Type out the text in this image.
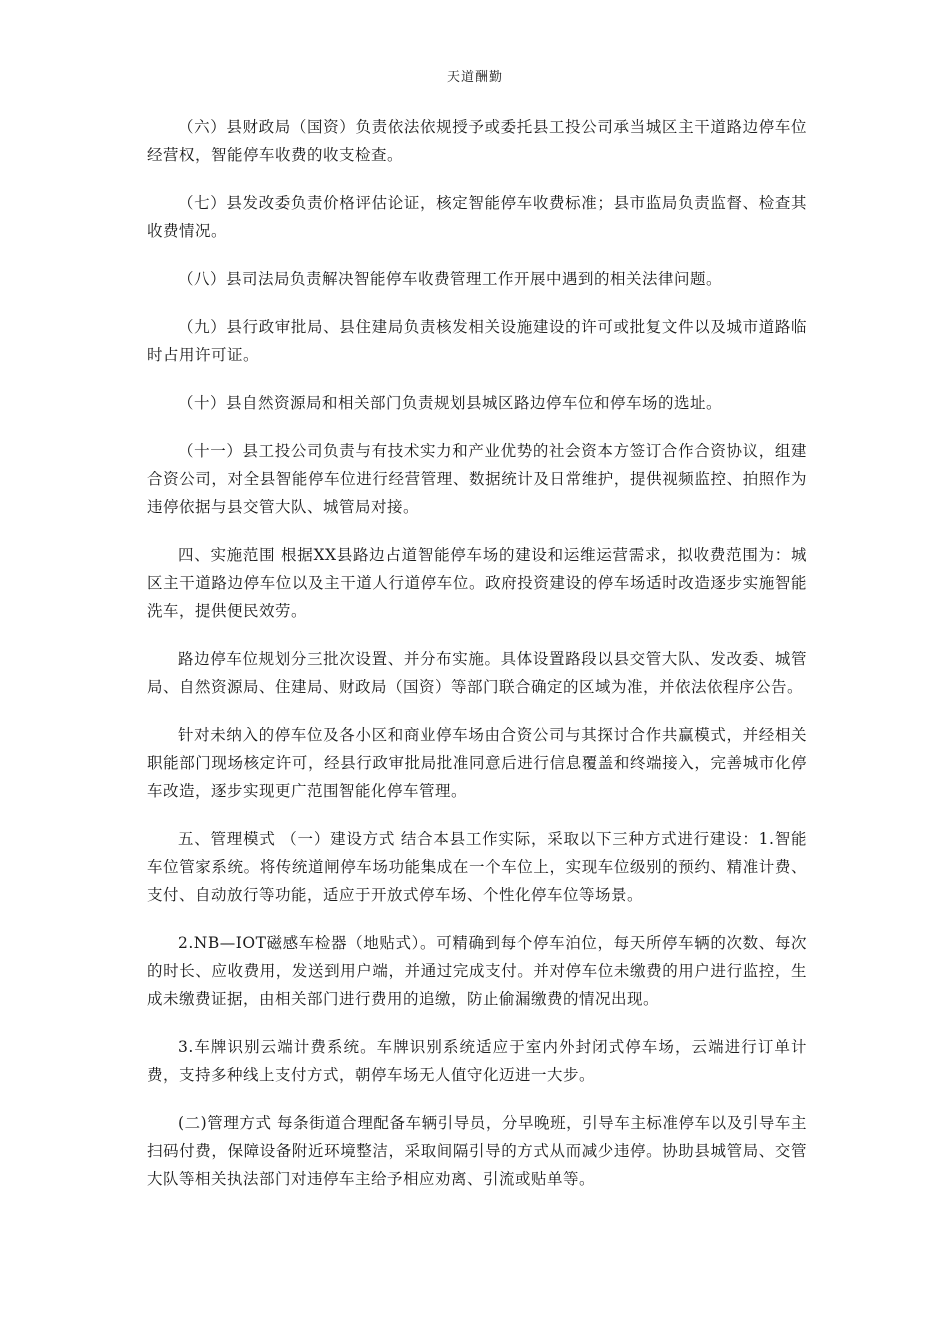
天道酬勤

（六）县财政局（国资）负责依法依规授予或委托县工投公司承当城区主干道路边停车位经营权，智能停车收费的收支检查。

（七）县发改委负责价格评估论证，核定智能停车收费标准；县市监局负责监督、检查其收费情况。

（八）县司法局负责解决智能停车收费管理工作开展中遇到的相关法律问题。

（九）县行政审批局、县住建局负责核发相关设施建设的许可或批复文件以及城市道路临时占用许可证。

（十）县自然资源局和相关部门负责规划县城区路边停车位和停车场的选址。

（十一）县工投公司负责与有技术实力和产业优势的社会资本方签订合作合资协议，组建合资公司，对全县智能停车位进行经营管理、数据统计及日常维护，提供视频监控、拍照作为违停依据与县交管大队、城管局对接。

四、实施范围 根据XX县路边占道智能停车场的建设和运维运营需求，拟收费范围为：城区主干道路边停车位以及主干道人行道停车位。政府投资建设的停车场适时改造逐步实施智能洗车，提供便民效劳。

路边停车位规划分三批次设置、并分布实施。具体设置路段以县交管大队、发改委、城管局、自然资源局、住建局、财政局（国资）等部门联合确定的区域为准，并依法依程序公告。

针对未纳入的停车位及各小区和商业停车场由合资公司与其探讨合作共赢模式，并经相关职能部门现场核定许可，经县行政审批局批准同意后进行信息覆盖和终端接入，完善城市化停车改造，逐步实现更广范围智能化停车管理。

五、管理模式 （一）建设方式 结合本县工作实际，采取以下三种方式进行建设：1.智能车位管家系统。将传统道闸停车场功能集成在一个车位上，实现车位级别的预约、精准计费、支付、自动放行等功能，适应于开放式停车场、个性化停车位等场景。

2.NB—IOT磁感车检器（地贴式）。可精确到每个停车泊位，每天所停车辆的次数、每次的时长、应收费用，发送到用户端，并通过完成支付。并对停车位未缴费的用户进行监控，生成未缴费证据，由相关部门进行费用的追缴，防止偷漏缴费的情况出现。

3.车牌识别云端计费系统。车牌识别系统适应于室内外封闭式停车场，云端进行订单计费，支持多种线上支付方式，朝停车场无人值守化迈进一大步。

(二)管理方式 每条街道合理配备车辆引导员，分早晚班，引导车主标准停车以及引导车主扫码付费，保障设备附近环境整洁，采取间隔引导的方式从而减少违停。协助县城管局、交管大队等相关执法部门对违停车主给予相应劝离、引流或贴单等。
